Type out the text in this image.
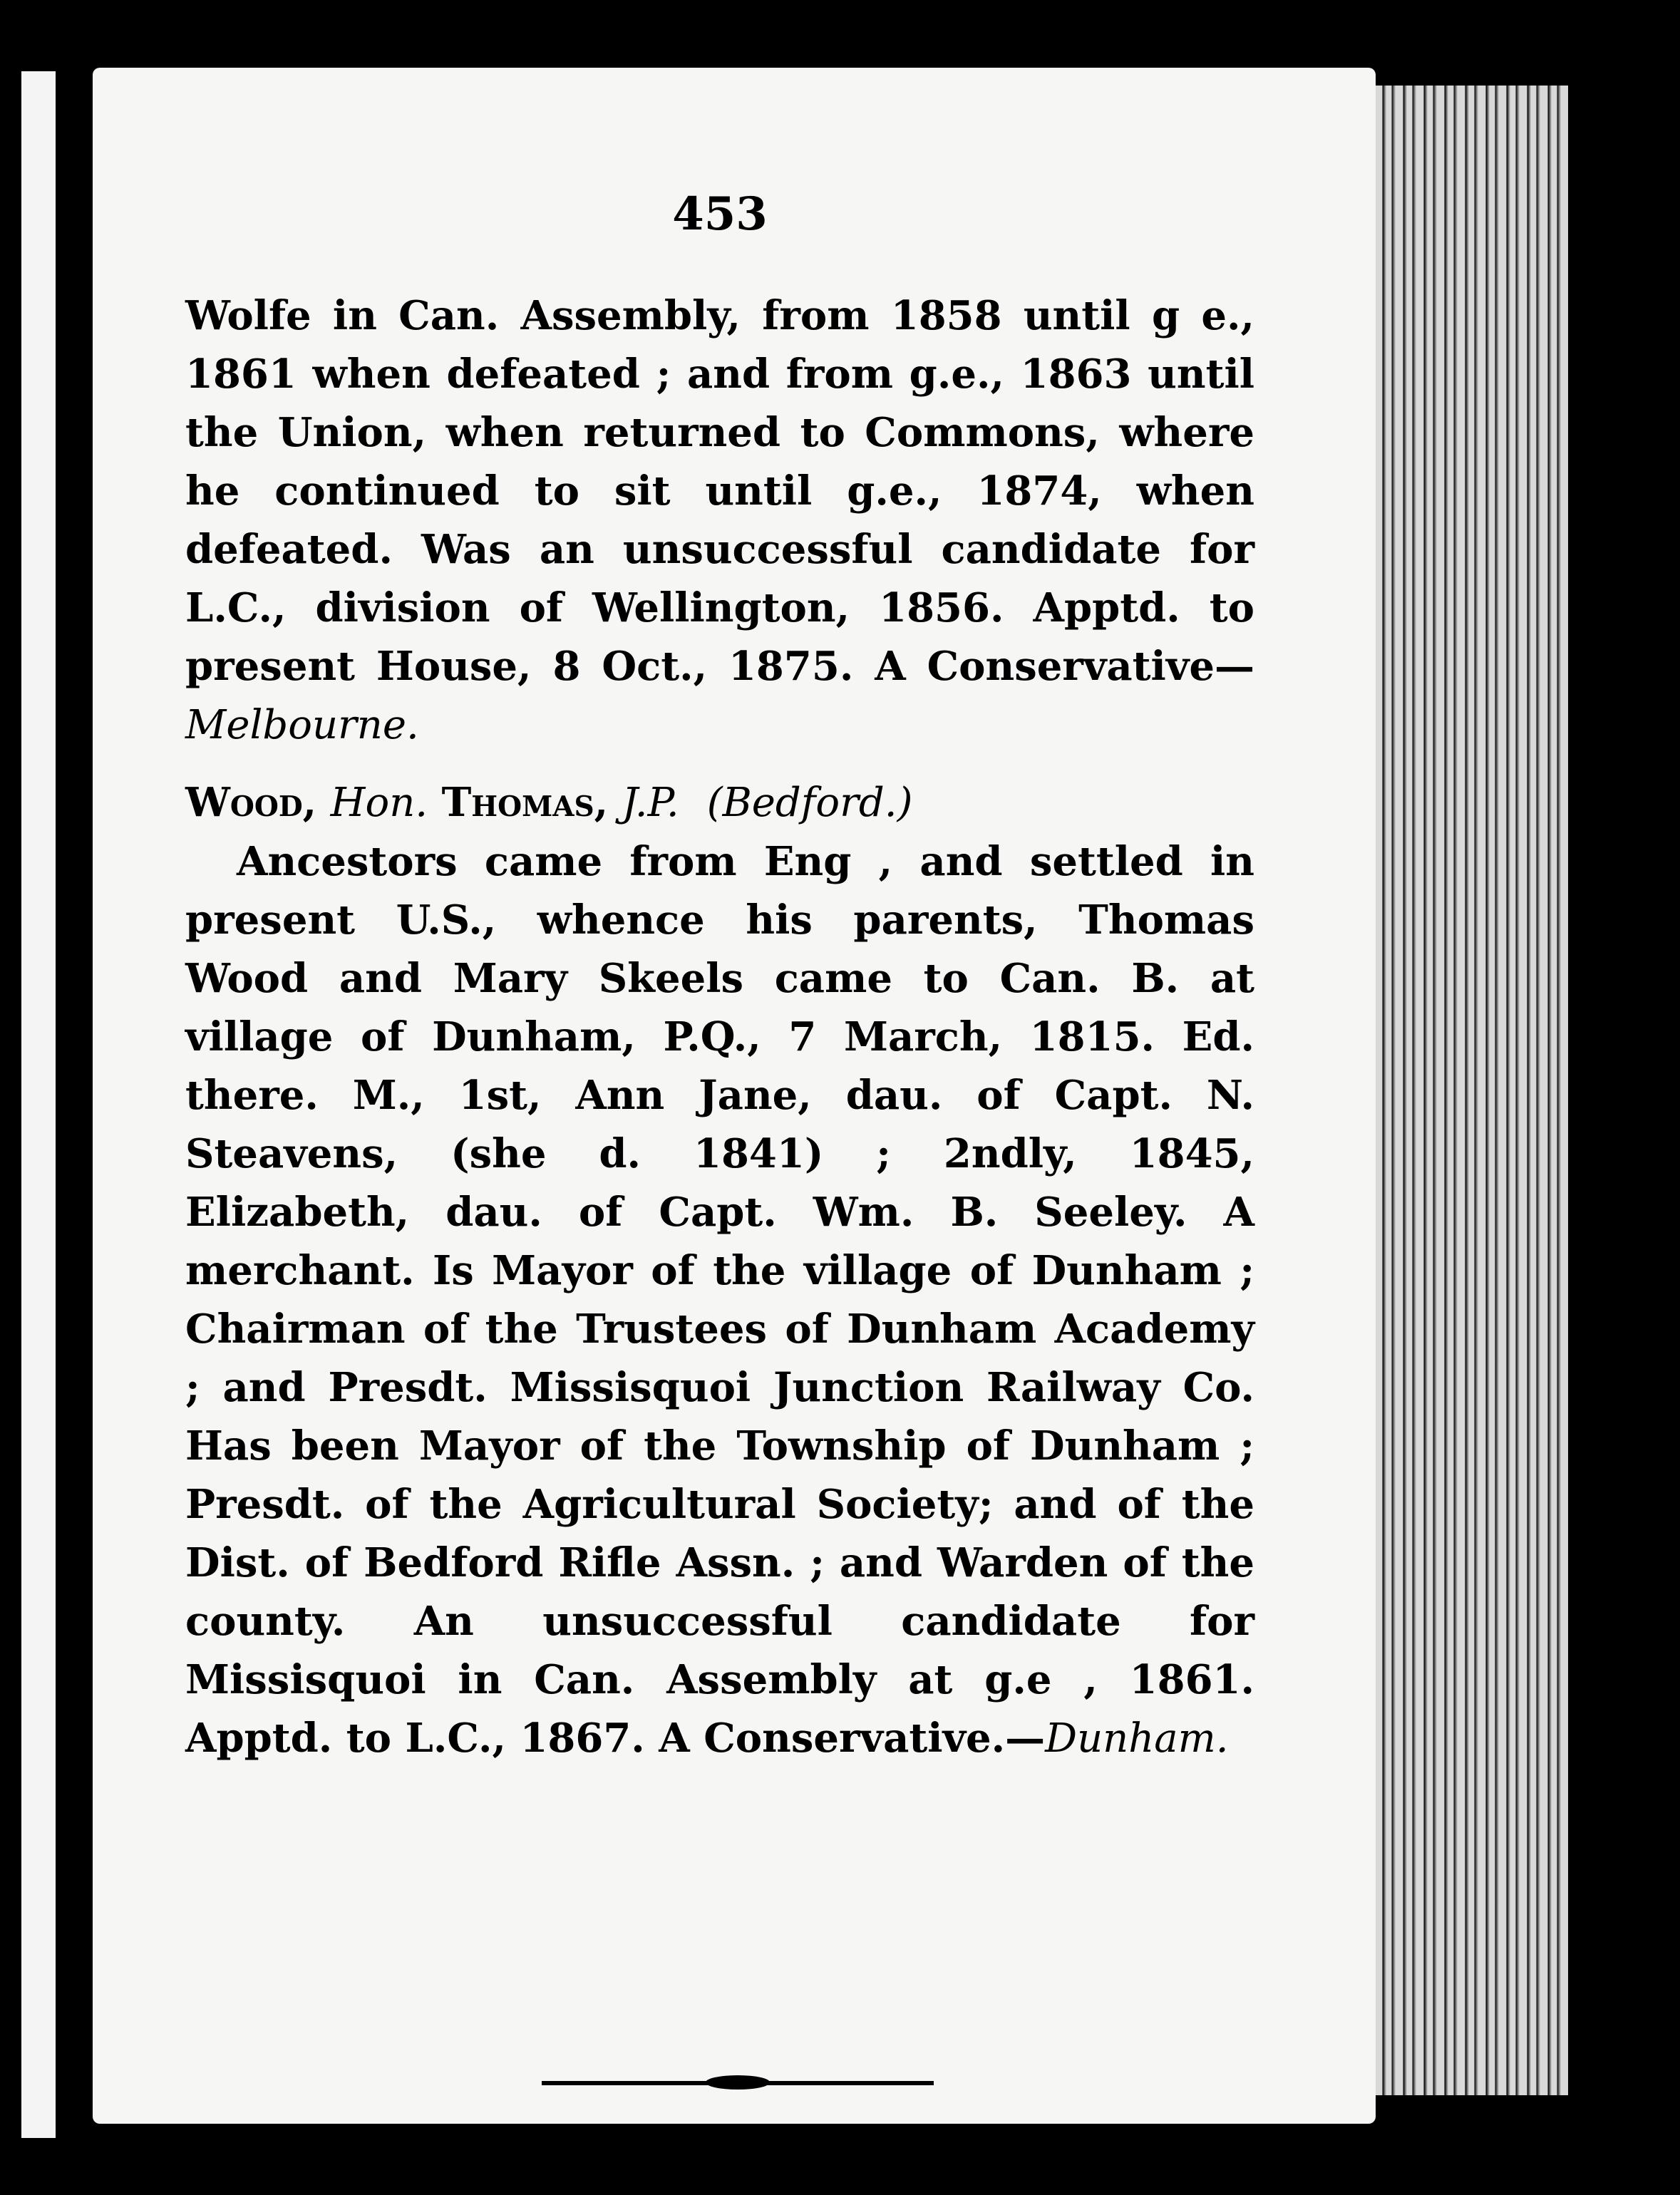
453

Wolfe in Can. Assembly, from 1858 until g e., 1861 when defeated ; and from g.e., 1863 until the Union, when returned to Commons, where he continued to sit until g.e., 1874, when defeated. Was an unsuccessful candidate for L.C., division of Wellington, 1856. Apptd. to present House, 8 Oct., 1875. A Conservative—Melbourne.

Wood, Hon. Thomas, J.P. (Bedford.)

Ancestors came from Eng , and settled in present U.S., whence his parents, Thomas Wood and Mary Skeels came to Can. B. at village of Dunham, P.Q., 7 March, 1815. Ed. there. M., 1st, Ann Jane, dau. of Capt. N. Steavens, (she d. 1841) ; 2ndly, 1845, Elizabeth, dau. of Capt. Wm. B. Seeley. A merchant. Is Mayor of the village of Dunham ; Chairman of the Trustees of Dunham Academy ; and Presdt. Missisquoi Junction Railway Co. Has been Mayor of the Township of Dunham ; Presdt. of the Agricultural Society; and of the Dist. of Bedford Rifle Assn. ; and Warden of the county. An unsuccessful candidate for Missisquoi in Can. Assembly at g.e , 1861. Apptd. to L.C., 1867. A Conservative.—Dunham.
